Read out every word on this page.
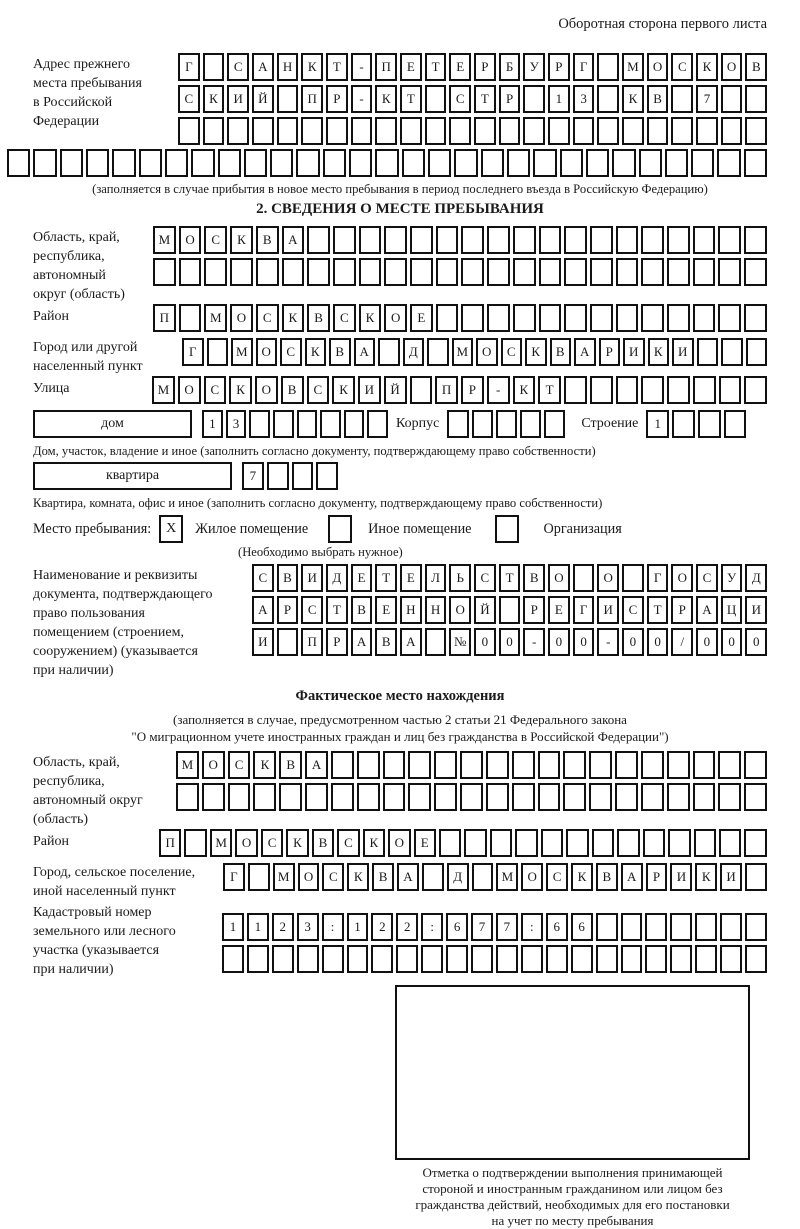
Оборотная сторона первого листа
Адрес прежнего
места пребывания
в Российской
Федерации
Г	С	А	Н	К	Т	-	П	Е	Т	Е	Р	Б	У	Р	Г	М	О	С	К	О	В
С	К	И	Й	П	Р	-	К	Т	С	Т	Р	1	3	К	В	7
(заполняется в случае прибытия в новое место пребывания в период последнего въезда в Российскую Федерацию)
2. СВЕДЕНИЯ О МЕСТЕ ПРЕБЫВАНИЯ
Область, край,
республика,
автономный
округ (область)
М	О	С	К	В	А
Район	П	М	О	С	К	В	С	К	О	Е
Город или другой
населенный пункт
Г	М	О	С	К	В	А	Д	М	О	С	К	В	А	Р	И	К	И
Улица	М	О	С	К	О	В	С	К	И	Й	П	Р	-	К	Т
дом	1	3	Корпус	Строение	1
Дом, участок, владение и иное (заполнить согласно документу, подтверждающему право собственности)
квартира	7
Квартира, комната, офис и иное (заполнить согласно документу, подтверждающему право собственности)
Место пребывания:	X	Жилое помещение	Иное помещение	Организация
(Необходимо выбрать нужное)
Наименование и реквизиты
документа, подтверждающего
право пользования
помещением (строением,
сооружением) (указывается
при наличии)
С	В	И	Д	Е	Т	Е	Л	Ь	С	Т	В	О	О	Г	О	С	У	Д
А	Р	С	Т	В	Е	Н	Н	О	Й	Р	Е	Г	И	С	Т	Р	А	Ц	И
И	П	Р	А	В	А	№	0	0	-	0	0	-	0	0	/	0	0	0
Фактическое место нахождения
(заполняется в случае, предусмотренном частью 2 статьи 21 Федерального закона
"О миграционном учете иностранных граждан и лиц без гражданства в Российской Федерации")
Область, край,
республика,
автономный округ
(область)
М	О	С	К	В	А
Район	П	М	О	С	К	В	С	К	О	Е
Город, сельское поселение,
иной населенный пункт
Г	М	О	С	К	В	А	Д	М	О	С	К	В	А	Р	И	К	И
Кадастровый номер
земельного или лесного
участка (указывается
при наличии)
1	1	2	3	:	1	2	2	:	6	7	7	:	6	6
Отметка о подтверждении выполнения принимающей
стороной и иностранным гражданином или лицом без
гражданства действий, необходимых для его постановки
на учет по месту пребывания
